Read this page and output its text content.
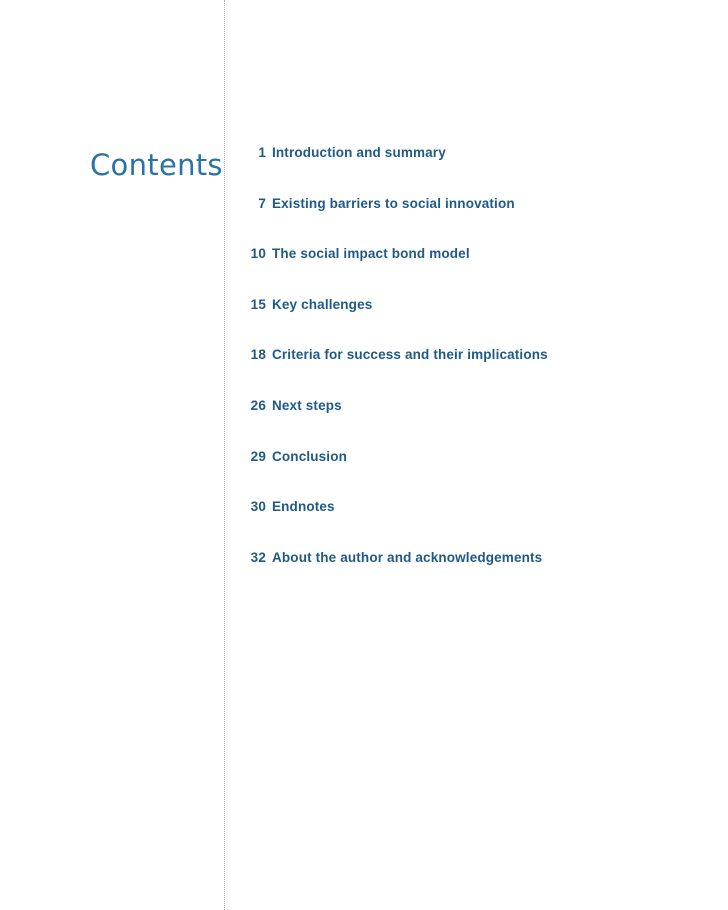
Contents	1 Introduction and summary
7 Existing barriers to social innovation
10 The social impact bond model
15 Key challenges
18 Criteria for success and their implications
26 Next steps
29 Conclusion
30 Endnotes
32 About the author and acknowledgements
